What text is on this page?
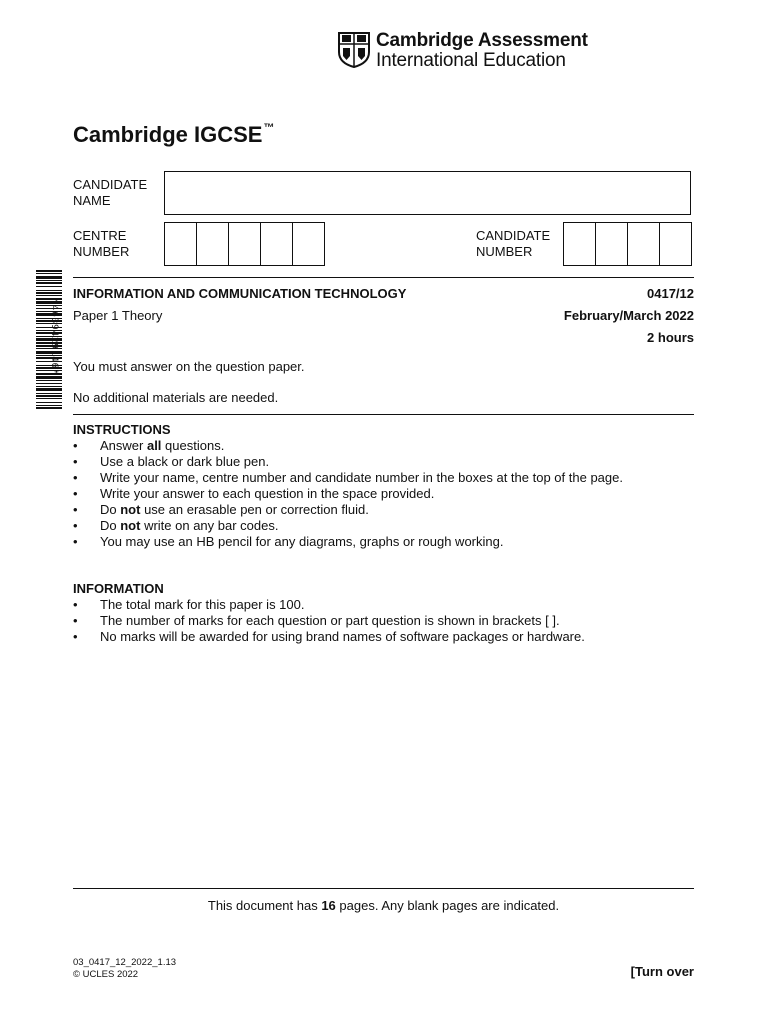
Cambridge Assessment
International Education
Cambridge IGCSE™
CANDIDATE
NAME
CENTRE
NUMBER
CANDIDATE
NUMBER
*4639429146*
INFORMATION AND COMMUNICATION TECHNOLOGY	0417/12
Paper 1 Theory	February/March 2022
2 hours
You must answer on the question paper.
No additional materials are needed.
INSTRUCTIONS
•	Answer all questions.
•	Use a black or dark blue pen.
•	Write your name, centre number and candidate number in the boxes at the top of the page.
•	Write your answer to each question in the space provided.
•	Do not use an erasable pen or correction fluid.
•	Do not write on any bar codes.
•	You may use an HB pencil for any diagrams, graphs or rough working.
INFORMATION
•	The total mark for this paper is 100.
•	The number of marks for each question or part question is shown in brackets [ ].
•	No marks will be awarded for using brand names of software packages or hardware.
This document has 16 pages. Any blank pages are indicated.
03_0417_12_2022_1.13
© UCLES 2022	[Turn over
